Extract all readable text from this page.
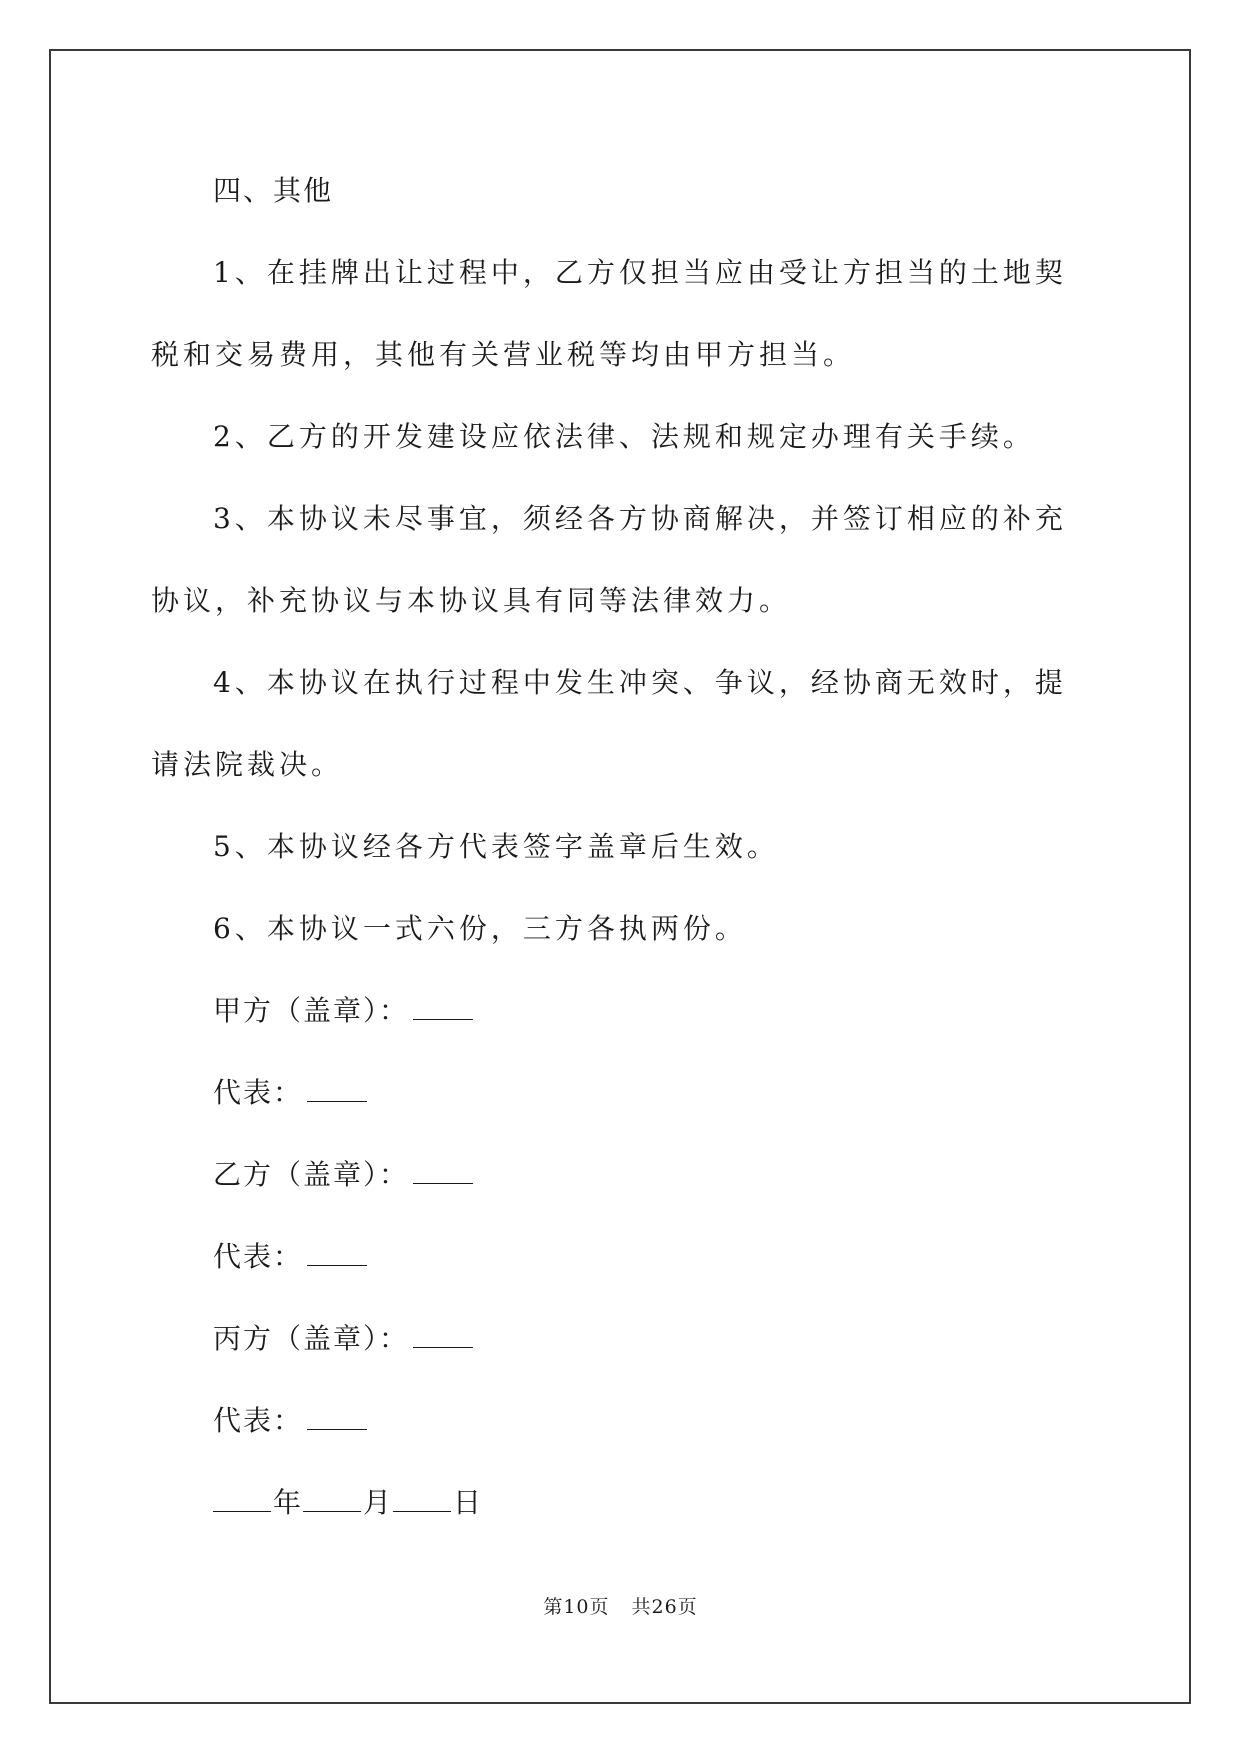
四、其他

1、在挂牌出让过程中，乙方仅担当应由受让方担当的土地契税和交易费用，其他有关营业税等均由甲方担当。

2、乙方的开发建设应依法律、法规和规定办理有关手续。

3、本协议未尽事宜，须经各方协商解决，并签订相应的补充协议，补充协议与本协议具有同等法律效力。

4、本协议在执行过程中发生冲突、争议，经协商无效时，提请法院裁决。

5、本协议经各方代表签字盖章后生效。

6、本协议一式六份，三方各执两份。

甲方（盖章）：

代表：

乙方（盖章）：

代表：

丙方（盖章）：

代表：

年 月 日

第10页 共26页
